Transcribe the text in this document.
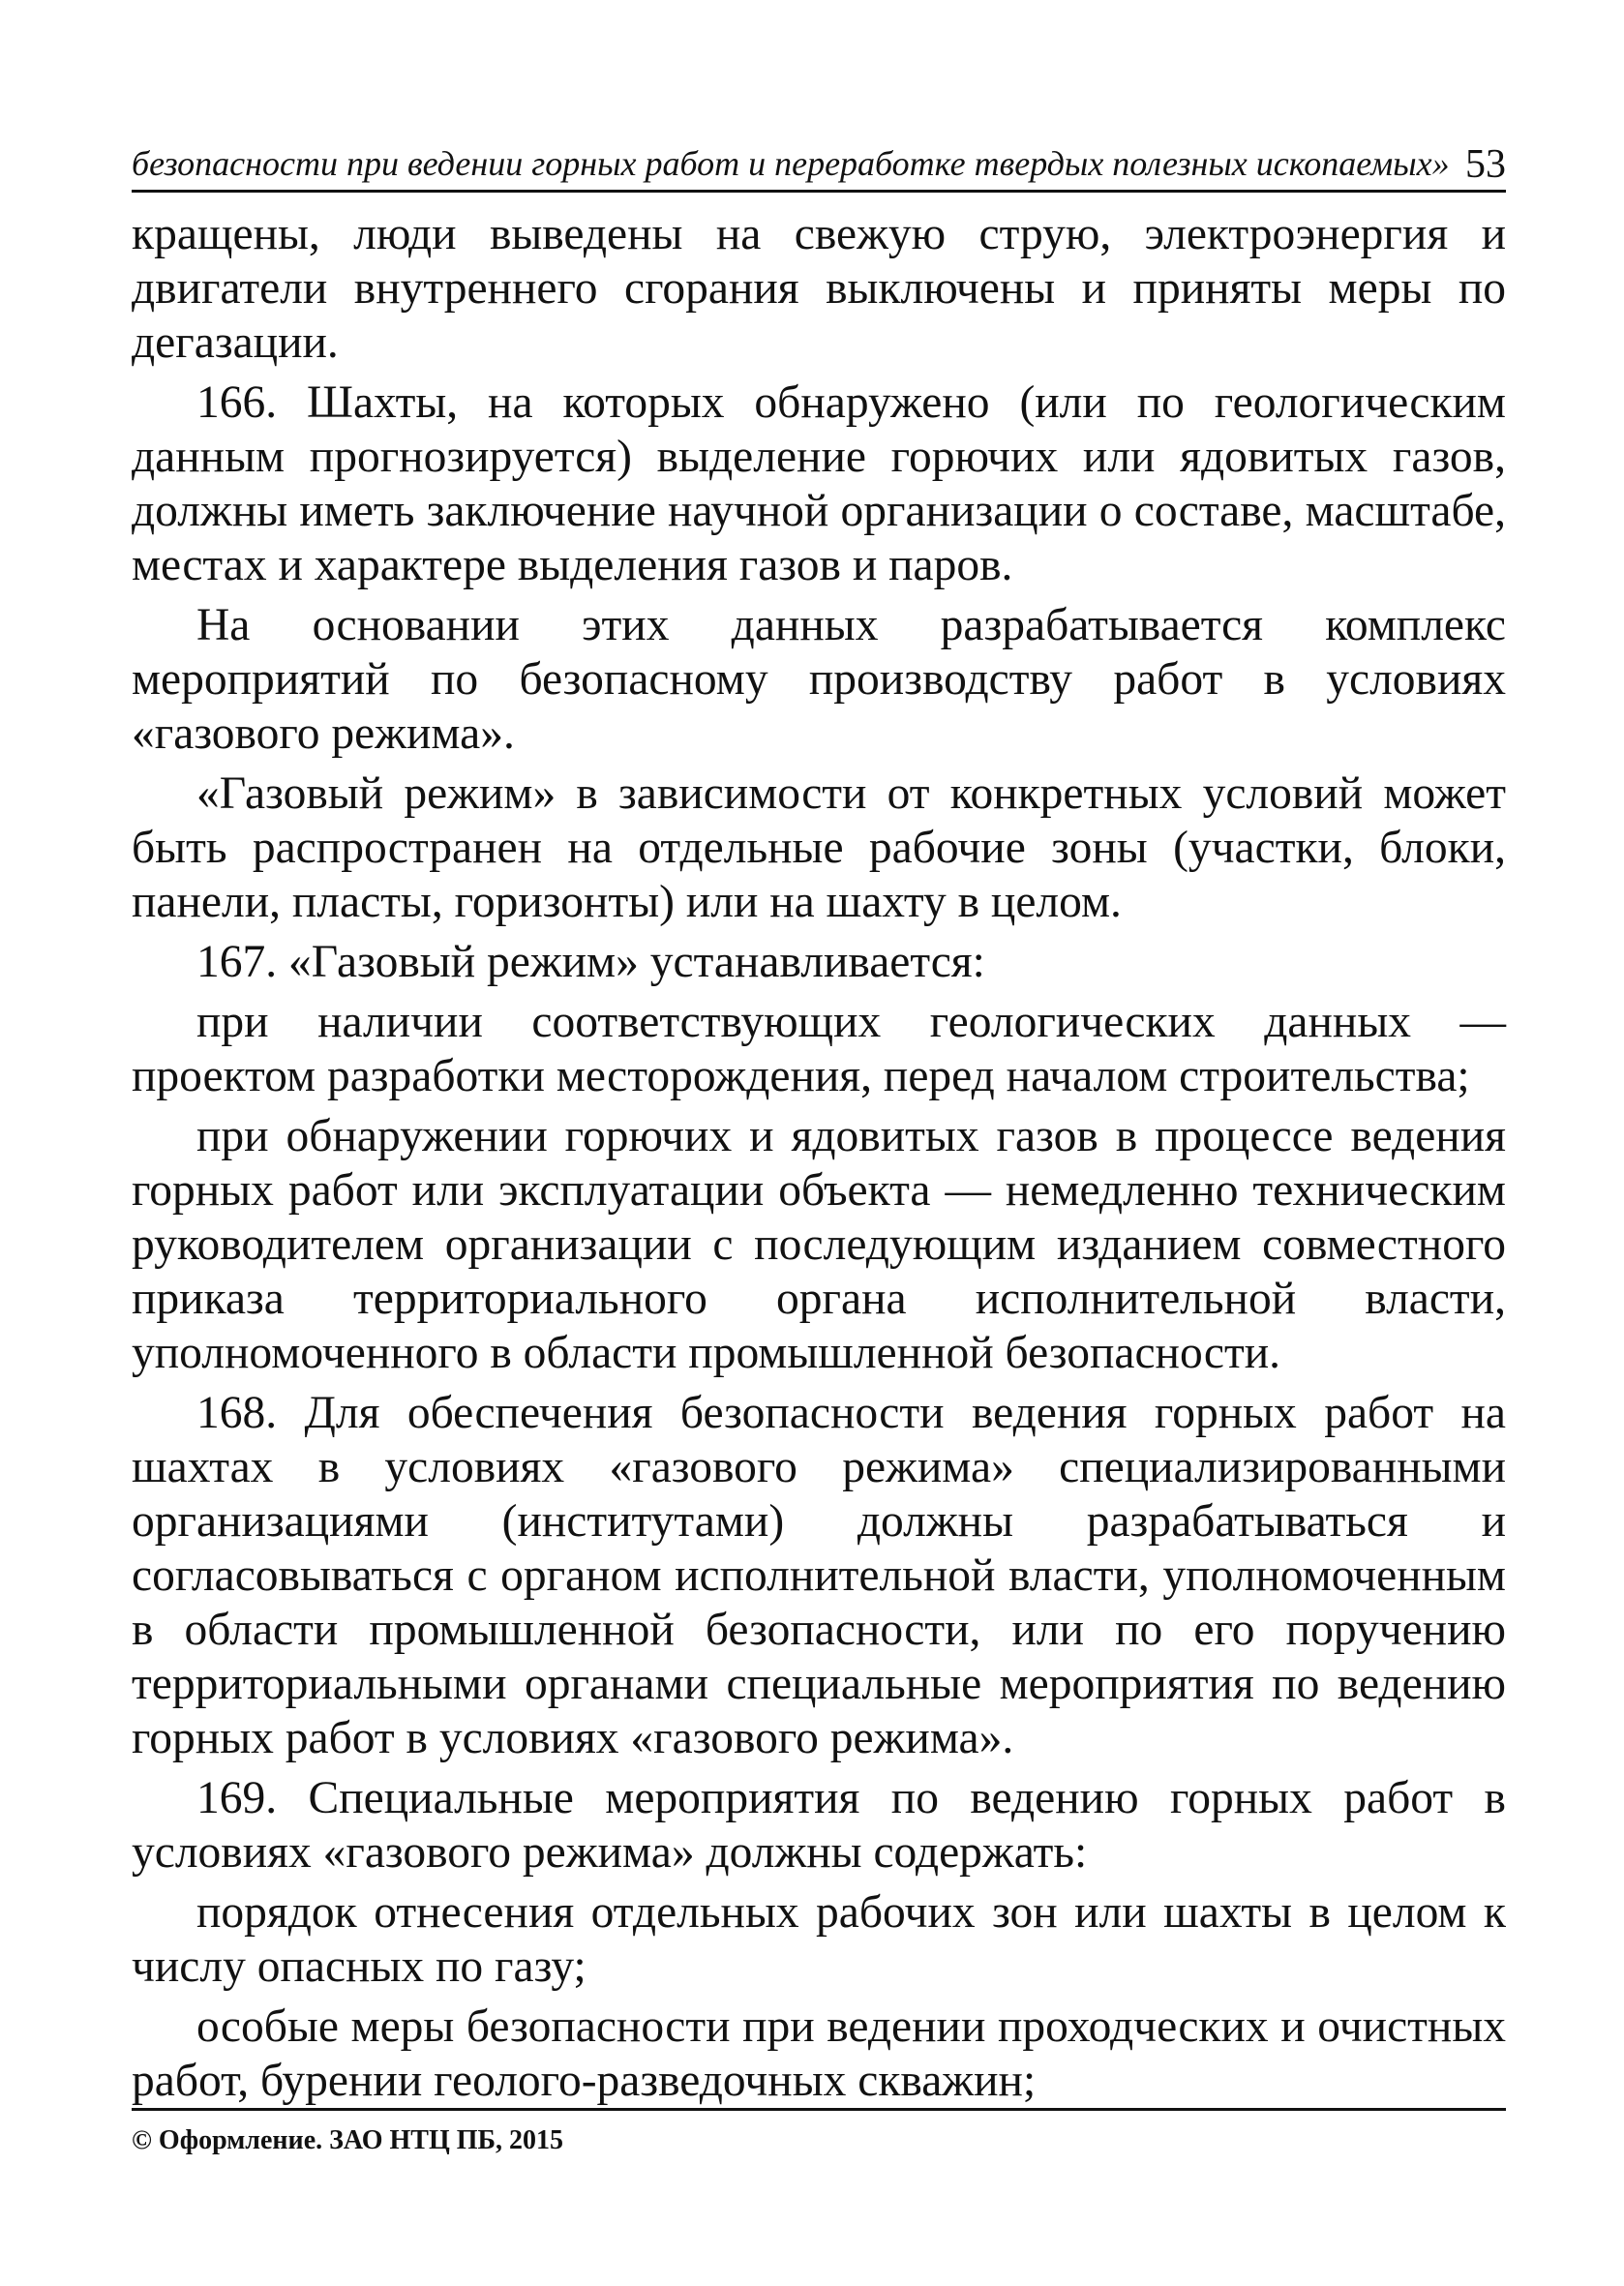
безопасности при ведении горных работ и переработке твердых полезных ископаемых» 53

кращены, люди выведены на свежую струю, электроэнергия и двигатели внутреннего сгорания выключены и приняты меры по дегазации.

166. Шахты, на которых обнаружено (или по геологическим данным прогнозируется) выделение горючих или ядовитых газов, должны иметь заключение научной организации о составе, масштабе, местах и характере выделения газов и паров.

На основании этих данных разрабатывается комплекс мероприятий по безопасному производству работ в условиях «газового режима».

«Газовый режим» в зависимости от конкретных условий может быть распространен на отдельные рабочие зоны (участки, блоки, панели, пласты, горизонты) или на шахту в целом.

167. «Газовый режим» устанавливается:

при наличии соответствующих геологических данных — проектом разработки месторождения, перед началом строительства;

при обнаружении горючих и ядовитых газов в процессе ведения горных работ или эксплуатации объекта — немедленно техническим руководителем организации с последующим изданием совместного приказа территориального органа исполнительной власти, уполномоченного в области промышленной безопасности.

168. Для обеспечения безопасности ведения горных работ на шахтах в условиях «газового режима» специализированными организациями (институтами) должны разрабатываться и согласовываться с органом исполнительной власти, уполномоченным в области промышленной безопасности, или по его поручению территориальными органами специальные мероприятия по ведению горных работ в условиях «газового режима».

169. Специальные мероприятия по ведению горных работ в условиях «газового режима» должны содержать:

порядок отнесения отдельных рабочих зон или шахты в целом к числу опасных по газу;

особые меры безопасности при ведении проходческих и очистных работ, бурении геолого-разведочных скважин;

© Оформление. ЗАО НТЦ ПБ, 2015
